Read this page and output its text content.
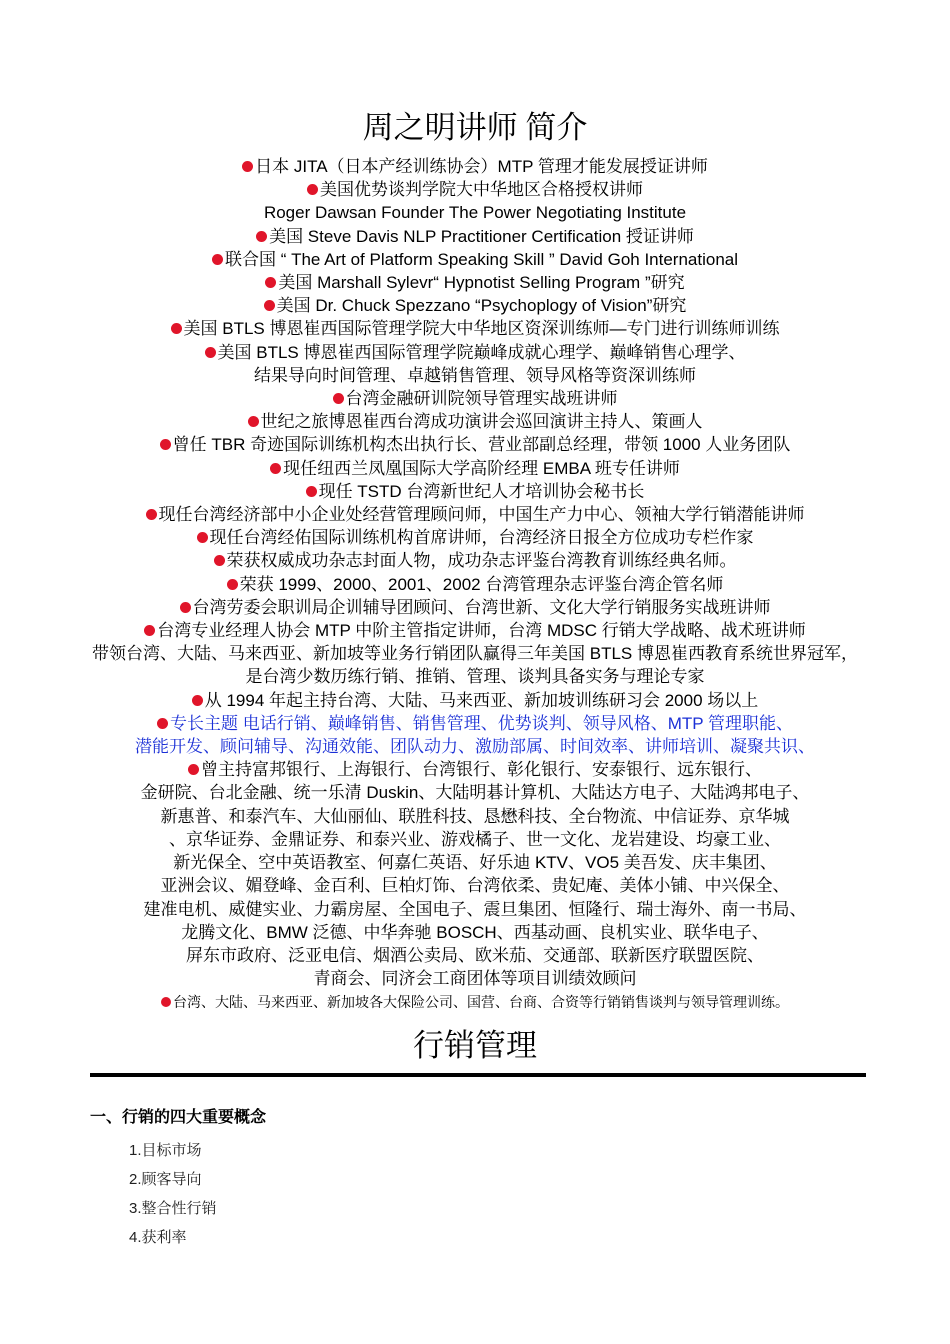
周之明讲师 简介
日本 JITA（日本产经训练协会）MTP 管理才能发展授证讲师
美国优势谈判学院大中华地区合格授权讲师
Roger Dawsan Founder The Power Negotiating Institute
美国 Steve Davis NLP Practitioner Certification 授证讲师
联合国 “ The Art of Platform Speaking Skill ” David Goh International
美国 Marshall Sylevr“ Hypnotist Selling Program ”研究
美国 Dr. Chuck Spezzano “Psychoplogy of Vision”研究
美国 BTLS 博恩崔西国际管理学院大中华地区资深训练师—专门进行训练师训练
美国 BTLS 博恩崔西国际管理学院巅峰成就心理学、巅峰销售心理学、
结果导向时间管理、卓越销售管理、领导风格等资深训练师
台湾金融研训院领导管理实战班讲师
世纪之旅博恩崔西台湾成功演讲会巡回演讲主持人、策画人
曾任 TBR 奇迹国际训练机构杰出执行长、营业部副总经理，带领 1000 人业务团队
现任纽西兰凤凰国际大学高阶经理 EMBA 班专任讲师
现任 TSTD 台湾新世纪人才培训协会秘书长
现任台湾经济部中小企业处经营管理顾问师，中国生产力中心、领袖大学行销潜能讲师
现任台湾经佑国际训练机构首席讲师，台湾经济日报全方位成功专栏作家
荣获权威成功杂志封面人物，成功杂志评鉴台湾教育训练经典名师。
荣获 1999、2000、2001、2002 台湾管理杂志评鉴台湾企管名师
台湾劳委会职训局企训辅导团顾问、台湾世新、文化大学行销服务实战班讲师
台湾专业经理人协会 MTP 中阶主管指定讲师，台湾 MDSC 行销大学战略、战术班讲师
带领台湾、大陆、马来西亚、新加坡等业务行销团队赢得三年美国 BTLS 博恩崔西教育系统世界冠军，
是台湾少数历练行销、推销、管理、谈判具备实务与理论专家
从 1994 年起主持台湾、大陆、马来西亚、新加坡训练研习会 2000 场以上
专长主题 电话行销、巅峰销售、销售管理、优势谈判、领导风格、MTP 管理职能、
潜能开发、顾问辅导、沟通效能、团队动力、激励部属、时间效率、讲师培训、凝聚共识、
曾主持富邦银行、上海银行、台湾银行、彰化银行、安泰银行、远东银行、
金研院、台北金融、统一乐清 Duskin、大陆明碁计算机、大陆达方电子、大陆鸿邦电子、
新惠普、和泰汽车、大仙丽仙、联胜科技、恳懋科技、全台物流、中信证券、京华城
、京华证券、金鼎证券、和泰兴业、游戏橘子、世一文化、龙岩建设、均豪工业、
新光保全、空中英语教室、何嘉仁英语、好乐迪 KTV、VO5 美吾发、庆丰集团、
亚洲会议、媚登峰、金百利、巨柏灯饰、台湾依柔、贵妃庵、美体小铺、中兴保全、
建准电机、威健实业、力霸房屋、全国电子、震旦集团、恒隆行、瑞士海外、南一书局、
龙腾文化、BMW 泛德、中华奔驰 BOSCH、西基动画、良机实业、联华电子、
屏东市政府、泛亚电信、烟酒公卖局、欧米茄、交通部、联新医疗联盟医院、
青商会、同济会工商团体等项目训绩效顾问
台湾、大陆、马来西亚、新加坡各大保险公司、国营、台商、合资等行销销售谈判与领导管理训练。
行销管理
一、行销的四大重要概念
1.目标市场
2.顾客导向
3.整合性行销
4.获利率
